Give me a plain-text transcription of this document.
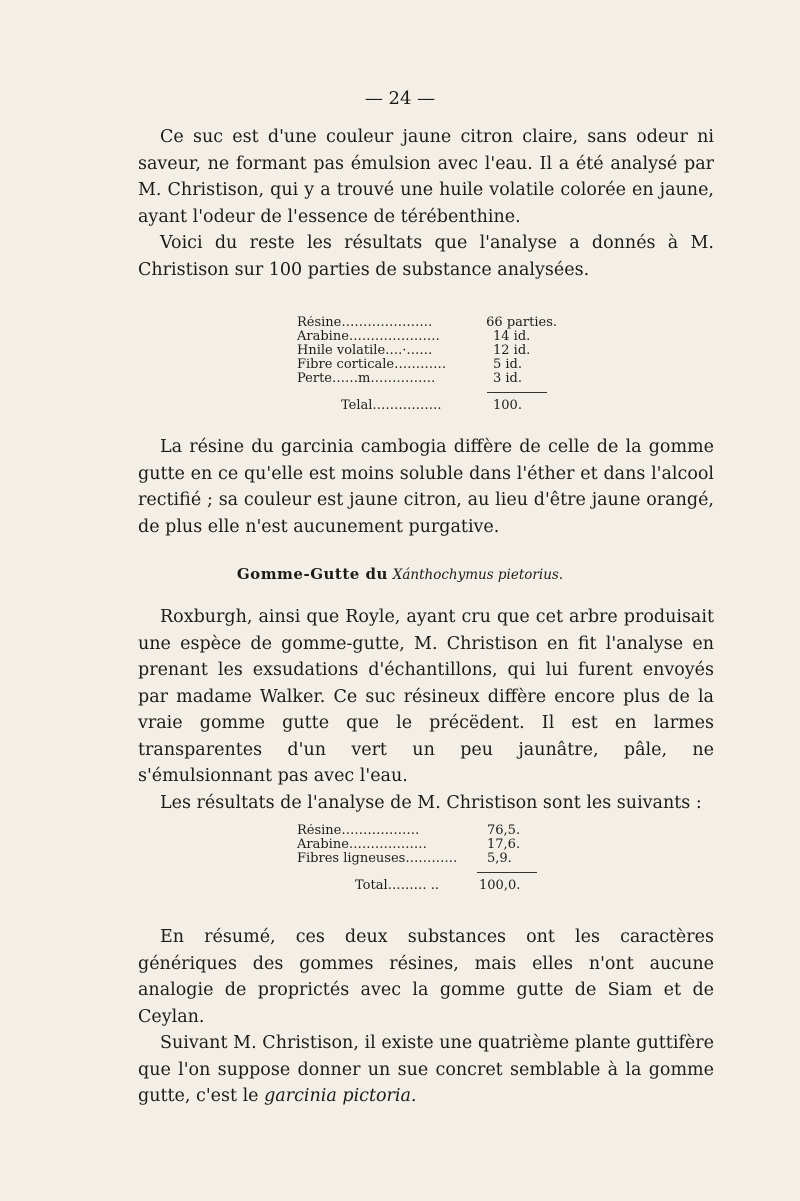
— 24 —

Ce suc est d'une couleur jaune citron claire, sans odeur ni saveur, ne formant pas émulsion avec l'eau. Il a été analysé par M. Christison, qui y a trouvé une huile volatile colorée en jaune, ayant l'odeur de l'essence de térébenthine.

Voici du reste les résultats que l'analyse a donnés à M. Christison sur 100 parties de substance analysées.

Résine…………………	66 parties.
Arabine…………………	14 id.
Hnile volatile….·……	12 id.
Fibre corticale…………	5 id.
Perte……m……………	3 id.
Telal…………….	100.

La résine du garcinia cambogia diffère de celle de la gomme gutte en ce qu'elle est moins soluble dans l'éther et dans l'alcool rectifié ; sa couleur est jaune citron, au lieu d'être jaune orangé, de plus elle n'est aucunement purgative.

Gomme-Gutte du Xánthochymus pietorius.

Roxburgh, ainsi que Royle, ayant cru que cet arbre produisait une espèce de gomme-gutte, M. Christison en fit l'analyse en prenant les exsudations d'échantillons, qui lui furent envoyés par madame Walker. Ce suc résineux diffère encore plus de la vraie gomme gutte que le précëdent. Il est en larmes transparentes d'un vert un peu jaunâtre, pâle, ne s'émulsionnant pas avec l'eau.

Les résultats de l'analyse de M. Christison sont les suivants :

Résine………………	76,5.
Arabine………………	17,6.
Fibres ligneuses…………	5,9.
Total……… ..	100,0.

En résumé, ces deux substances ont les caractères génériques des gommes résines, mais elles n'ont aucune analogie de proprictés avec la gomme gutte de Siam et de Ceylan.

Suivant M. Christison, il existe une quatrième plante guttifère que l'on suppose donner un sue concret semblable à la gomme gutte, c'est le garcinia pictoria.
